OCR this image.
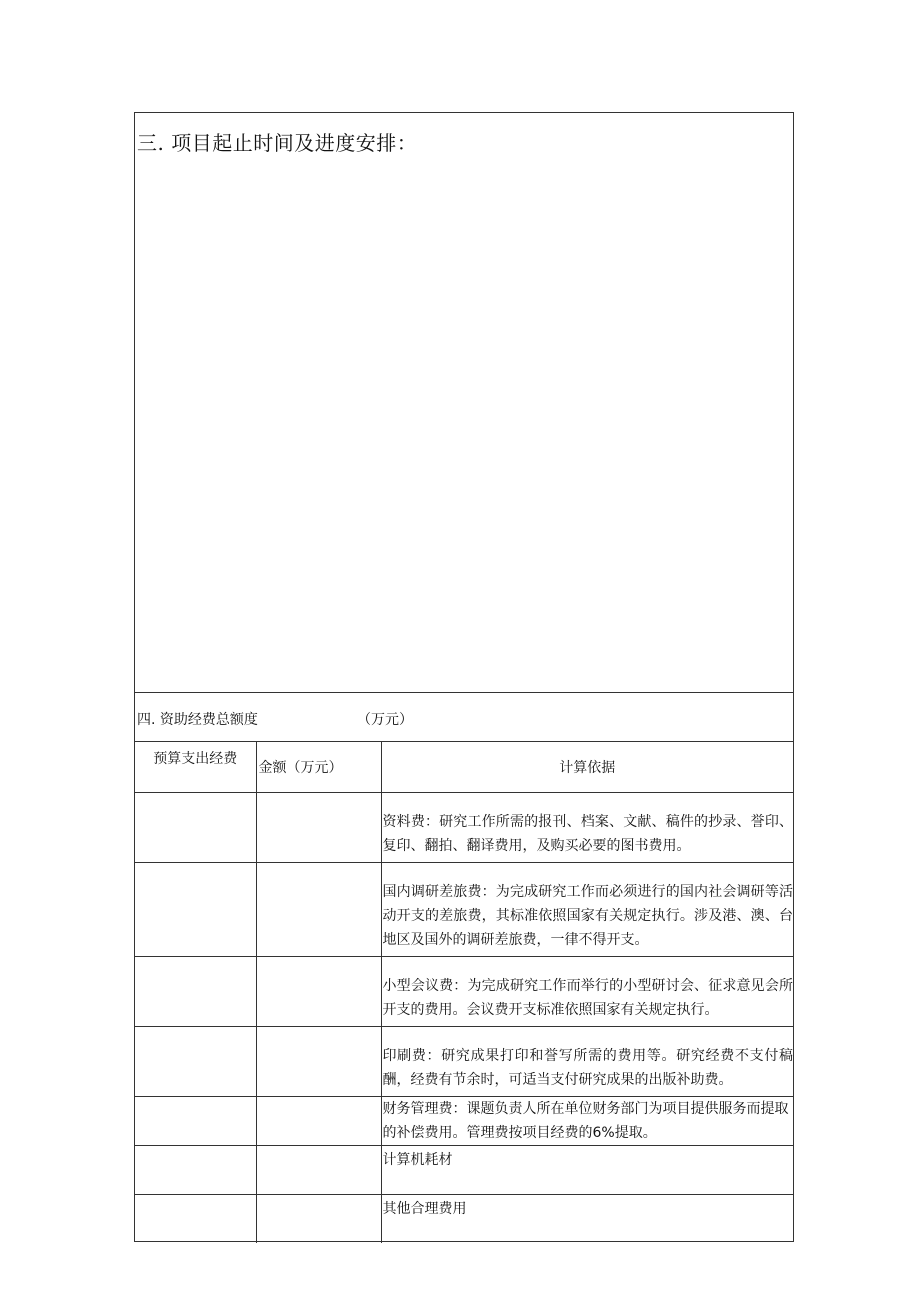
三. 项目起止时间及进度安排：
四. 资助经费总额度	（万元）
预算支出经费	金额（万元）	计算依据
		资料费：研究工作所需的报刊、档案、文献、稿件的抄录、誉印、复印、翻拍、翻译费用，及购买必要的图书费用。
		国内调研差旅费：为完成研究工作而必须进行的国内社会调研等活动开支的差旅费，其标准依照国家有关规定执行。涉及港、澳、台地区及国外的调研差旅费，一律不得开支。
		小型会议费：为完成研究工作而举行的小型研讨会、征求意见会所开支的费用。会议费开支标准依照国家有关规定执行。
		印刷费：研究成果打印和誉写所需的费用等。研究经费不支付稿酬，经费有节余时，可适当支付研究成果的出版补助费。
		财务管理费：课题负责人所在单位财务部门为项目提供服务而提取的补偿费用。管理费按项目经费的6%提取。
		计算机耗材
		其他合理费用
